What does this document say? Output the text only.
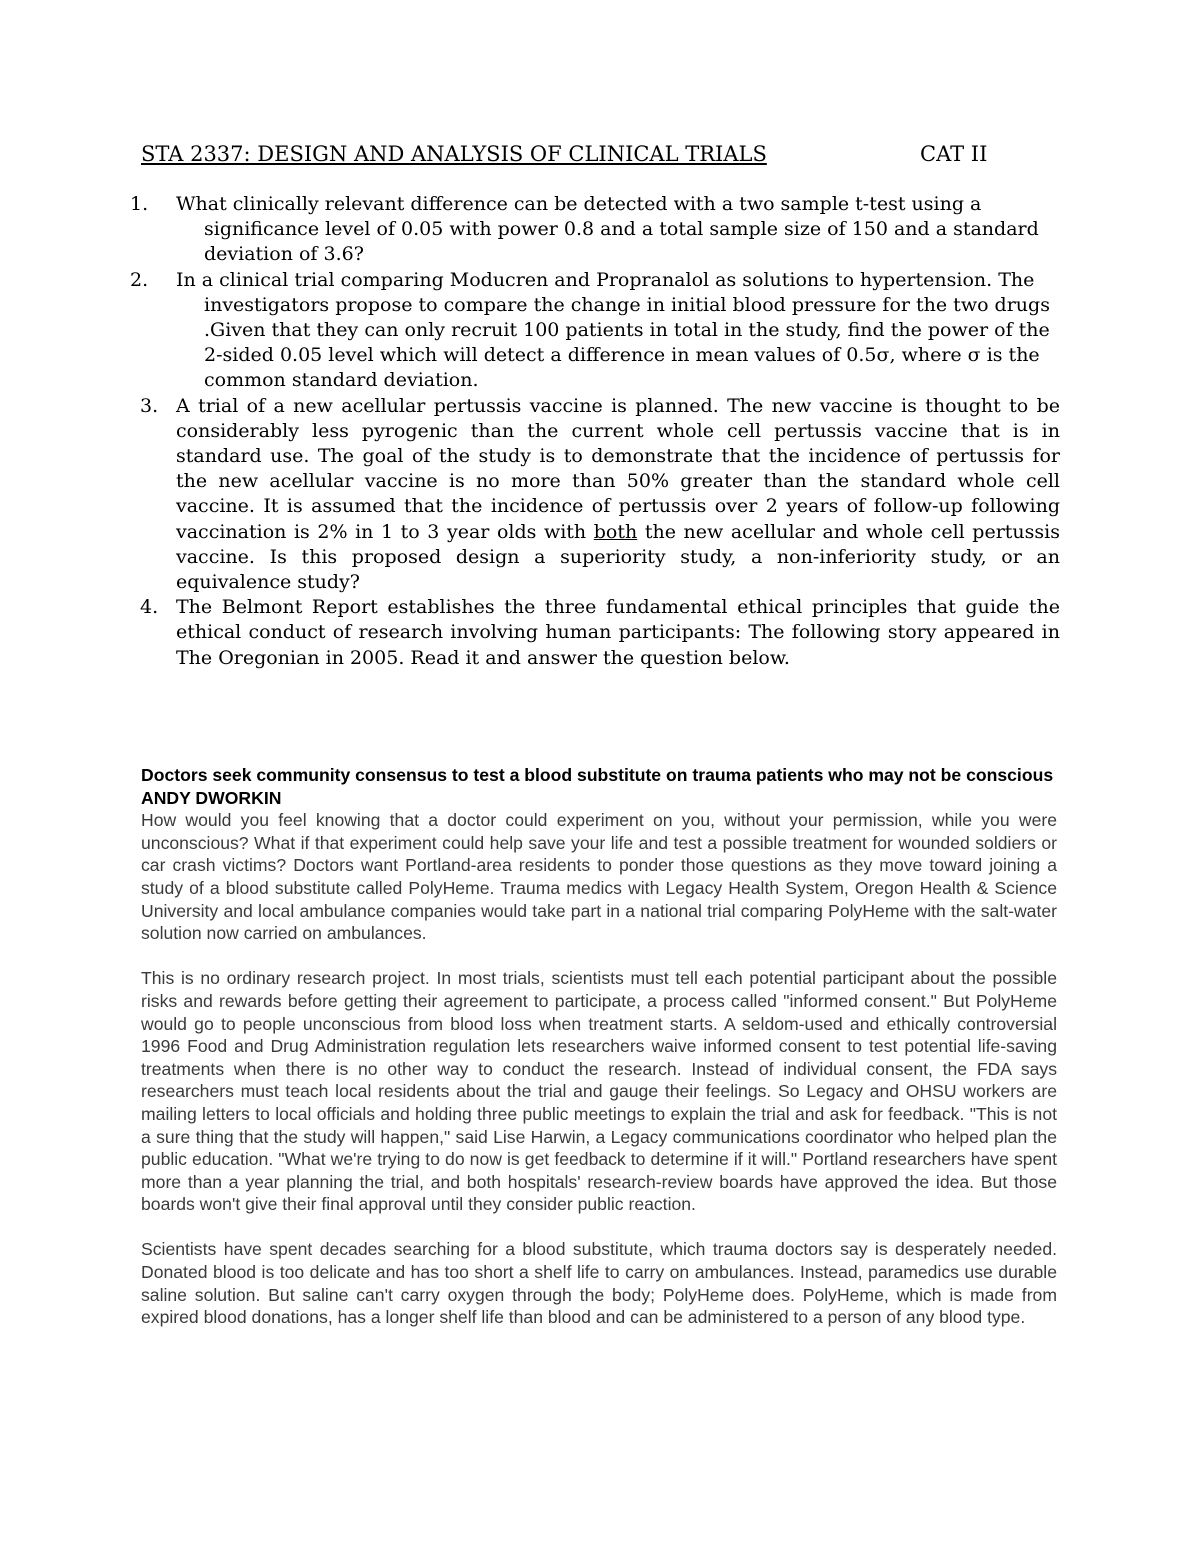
STA 2337: DESIGN AND ANALYSIS OF CLINICAL TRIALS	CAT II
1. What clinically relevant difference can be detected with a two sample t-test using a significance level of 0.05 with power 0.8 and a total sample size of 150 and a standard deviation of 3.6?
2. In a clinical trial comparing Moducren and Propranalol as solutions to hypertension. The investigators propose to compare the change in initial blood pressure for the two drugs .Given that they can only recruit 100 patients in total in the study, find the power of the 2-sided 0.05 level which will detect a difference in mean values of 0.5σ, where σ is the common standard deviation.
3. A trial of a new acellular pertussis vaccine is planned. The new vaccine is thought to be considerably less pyrogenic than the current whole cell pertussis vaccine that is in standard use. The goal of the study is to demonstrate that the incidence of pertussis for the new acellular vaccine is no more than 50% greater than the standard whole cell vaccine. It is assumed that the incidence of pertussis over 2 years of follow-up following vaccination is 2% in 1 to 3 year olds with both the new acellular and whole cell pertussis vaccine. Is this proposed design a superiority study, a non-inferiority study, or an equivalence study?
4. The Belmont Report establishes the three fundamental ethical principles that guide the ethical conduct of research involving human participants: The following story appeared in The Oregonian in 2005. Read it and answer the question below.
Doctors seek community consensus to test a blood substitute on trauma patients who may not be conscious
ANDY DWORKIN

How would you feel knowing that a doctor could experiment on you, without your permission, while you were unconscious? What if that experiment could help save your life and test a possible treatment for wounded soldiers or car crash victims? Doctors want Portland-area residents to ponder those questions as they move toward joining a study of a blood substitute called PolyHeme. Trauma medics with Legacy Health System, Oregon Health & Science University and local ambulance companies would take part in a national trial comparing PolyHeme with the salt-water solution now carried on ambulances.

This is no ordinary research project. In most trials, scientists must tell each potential participant about the possible risks and rewards before getting their agreement to participate, a process called "informed consent." But PolyHeme would go to people unconscious from blood loss when treatment starts. A seldom-used and ethically controversial 1996 Food and Drug Administration regulation lets researchers waive informed consent to test potential life-saving treatments when there is no other way to conduct the research. Instead of individual consent, the FDA says researchers must teach local residents about the trial and gauge their feelings. So Legacy and OHSU workers are mailing letters to local officials and holding three public meetings to explain the trial and ask for feedback. "This is not a sure thing that the study will happen," said Lise Harwin, a Legacy communications coordinator who helped plan the public education. "What we're trying to do now is get feedback to determine if it will." Portland researchers have spent more than a year planning the trial, and both hospitals' research-review boards have approved the idea. But those boards won't give their final approval until they consider public reaction.

Scientists have spent decades searching for a blood substitute, which trauma doctors say is desperately needed. Donated blood is too delicate and has too short a shelf life to carry on ambulances. Instead, paramedics use durable saline solution. But saline can't carry oxygen through the body; PolyHeme does. PolyHeme, which is made from expired blood donations, has a longer shelf life than blood and can be administered to a person of any blood type.
